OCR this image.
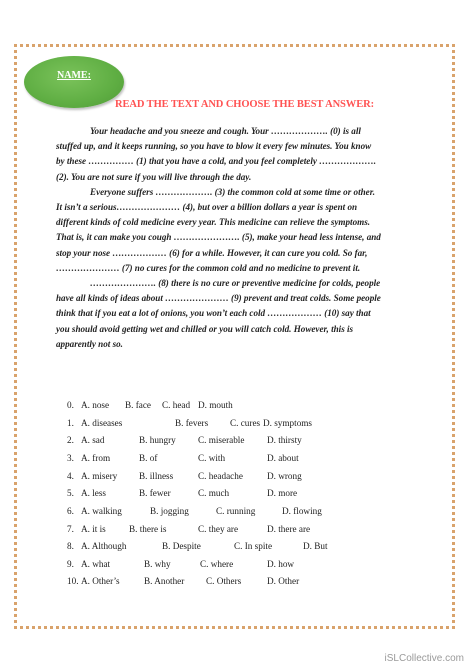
NAME:
READ THE TEXT AND CHOOSE THE BEST ANSWER:
Your headache and you sneeze and cough. Your ………………. (0) is all
stuffed up, and it keeps running, so you have to blow it every few minutes. You know
by these …………… (1) that you have a cold, and you feel completely ……………….
(2). You are not sure if you will live through the day.
Everyone suffers ………………. (3) the common cold at some time or other.
It isn’t a serious………………… (4), but over a billion dollars a year is spent on
different kinds of cold medicine every year. This medicine can relieve the symptoms.
That is, it can make you cough …………………. (5), make your head less intense, and
stop your nose ……………… (6) for a while. However, it can cure you cold. So far,
………………… (7) no cures for the common cold and no medicine to prevent it.
…………………. (8) there is no cure or preventive medicine for colds, people
have all kinds of ideas about ………………… (9) prevent and treat colds. Some people
think that if you eat a lot of onions, you won’t each cold ……………… (10) say that
you should avoid getting wet and chilled or you will catch cold. However, this is
apparently not so.
0. A. nose B. face C. head D. mouth
1. A. diseases	B. fevers C. cures D. symptoms
2. A. sad	B. hungry C. miserable D. thirsty
3. A. from	B. of	C. with	D. about
4. A. misery B. illness	C. headache	D. wrong
5. A. less	B. fewer	C. much	D. more
6. A. walking	B. jogging	C. running	D. flowing
7. A. it is	B. there is	C. they are	D. there are
8. A. Although	B. Despite	C. In spite	D. But
9. A. what	B. why	C. where	D. how
10. A. Other’s	B. Another C. Others	D. Other
iSLCollective.com
